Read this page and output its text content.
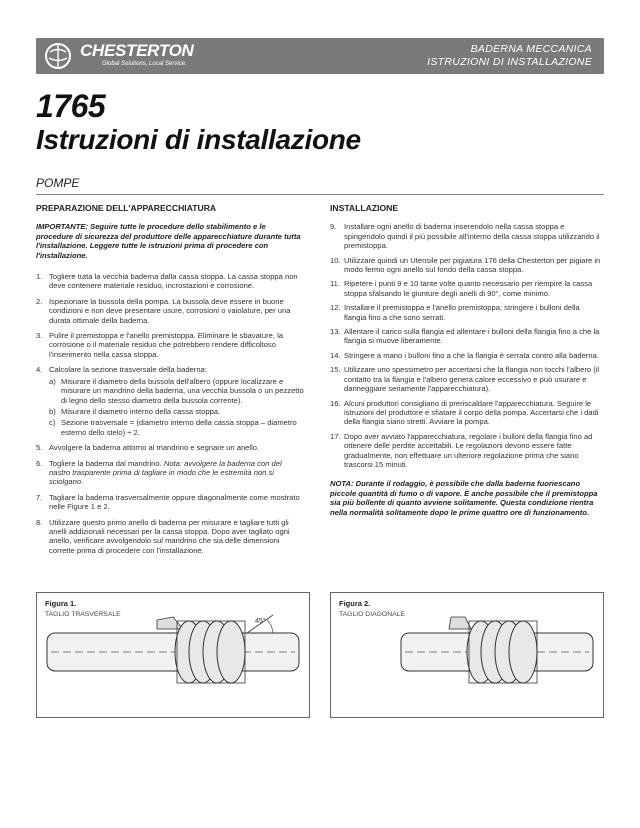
CHESTERTON
Global Solutions, Local Service.
BADERNA MECCANICA
ISTRUZIONI DI INSTALLAZIONE
1765
Istruzioni di installazione
POMPE
PREPARAZIONE DELL'APPARECCHIATURA

IMPORTANTE: Seguire tutte le procedure dello stabilimento e le procedure di sicurezza del produttore delle apparecchiature durante tutta l'installazione. Leggere tutte le istruzioni prima di procedere con l'installazione.

1. Togliere tutta la vecchia baderna dalla cassa stoppa. La cassa stoppa non deve contenere materiale residuo, incrostazioni e corrosione.
2. Ispezionare la bussola della pompa. La bussola deve essere in buone condizioni e non deve presentare usure, corrosioni o vaiolature, per una durata ottimale della baderna.
3. Pulire il premistoppa e l'anello premistoppa. Eliminare le sbavature, la corrosione o il materiale residuo che potrebbero rendere difficoltoso l'inserimento nella cassa stoppa.
4. Calcolare la sezione trasversale della baderna:
a) Misurare il diametro della bussola dell'albero (oppure localizzare e misurare un mandrino della baderna, una vecchia bussola o un pezzetto di legno dello stesso diametro della bussola corrente).
b) Misurare il diametro interno della cassa stoppa.
c) Sezione trasversale = (diametro interno della cassa stoppa – diametro esterno dello stelo) ÷ 2.
5. Avvolgere la baderna attorno al mandrino e segnare un anello.
6. Togliere la baderna dal mandrino. Nota: avvolgere la baderna con del nastro trasparente prima di tagliare in modo che le estremità non si sciolgano.
7. Tagliare la baderna trasversalmente oppure diagonalmente come mostrato nelle Figure 1 e 2.
8. Utilizzare questo primo anello di baderna per misurare e tagliare tutti gli anelli addizionali necessari per la cassa stoppa. Dopo aver tagliato ogni anello, verificare avvolgendolo sul mandrino che sia delle dimensioni corrette prima di procedere con l'installazione.
INSTALLAZIONE
9. Installare ogni anello di baderna inserendolo nella cassa stoppa e spingendolo quindi il più possibile all'interno della cassa stoppa utilizzando il premistoppa.
10. Utilizzare quindi un Utensile per pigiatura 176 della Chesterton per pigiare in modo fermo ogni anello sul fondo della cassa stoppa.
11. Ripetere i punti 9 e 10 tante volte quanto necessario per riempire la cassa stoppa sfalsando le giunture degli anelli di 90°, come minimo.
12. Installare il premistoppa e l'anello premistoppa; stringere i bulloni della flangia fino a che sono serrati.
13. Allentare il carico sulla flangia ed allentare i bulloni della flangia fino a che la flangia si muove liberamente.
14. Stringere a mano i bulloni fino a che la flangia è serrata contro alla baderna.
15. Utilizzare uno spessimetro per accertarsi che la flangia non tocchi l'albero (il contatto tra la flangia e l'albero genera calore eccessivo e può usurare e danneggiare seriamente l'apparecchiatura).
16. Alcuni produttori consigliano di preriscaldare l'apparecchiatura. Seguire le istruzioni del produttore e sfiatare il corpo della pompa. Accertarsi che i dadi della flangia siano stretti. Avviare la pompa.
17. Dopo aver avviato l'apparecchiatura, regolare i bulloni della flangia fino ad ottenere delle perdite accettabili. Le regolazioni devono essere fatte gradualmente, non effettuare un ulteriore regolazione prima che siano trascorsi 15 minuti.

NOTA: Durante il rodaggio, è possibile che dalla baderna fuoriescano piccole quantità di fumo o di vapore. È anche possibile che il premistoppa sia più bollente di quanto avviene solitamente. Questa condizione rientra nella normalità solitamente dopo le prime quattro ore di funzionamento.

Figura 1.
TAGLIO TRASVERSALE
45°
Figura 2.
TAGLIO DIAGONALE
